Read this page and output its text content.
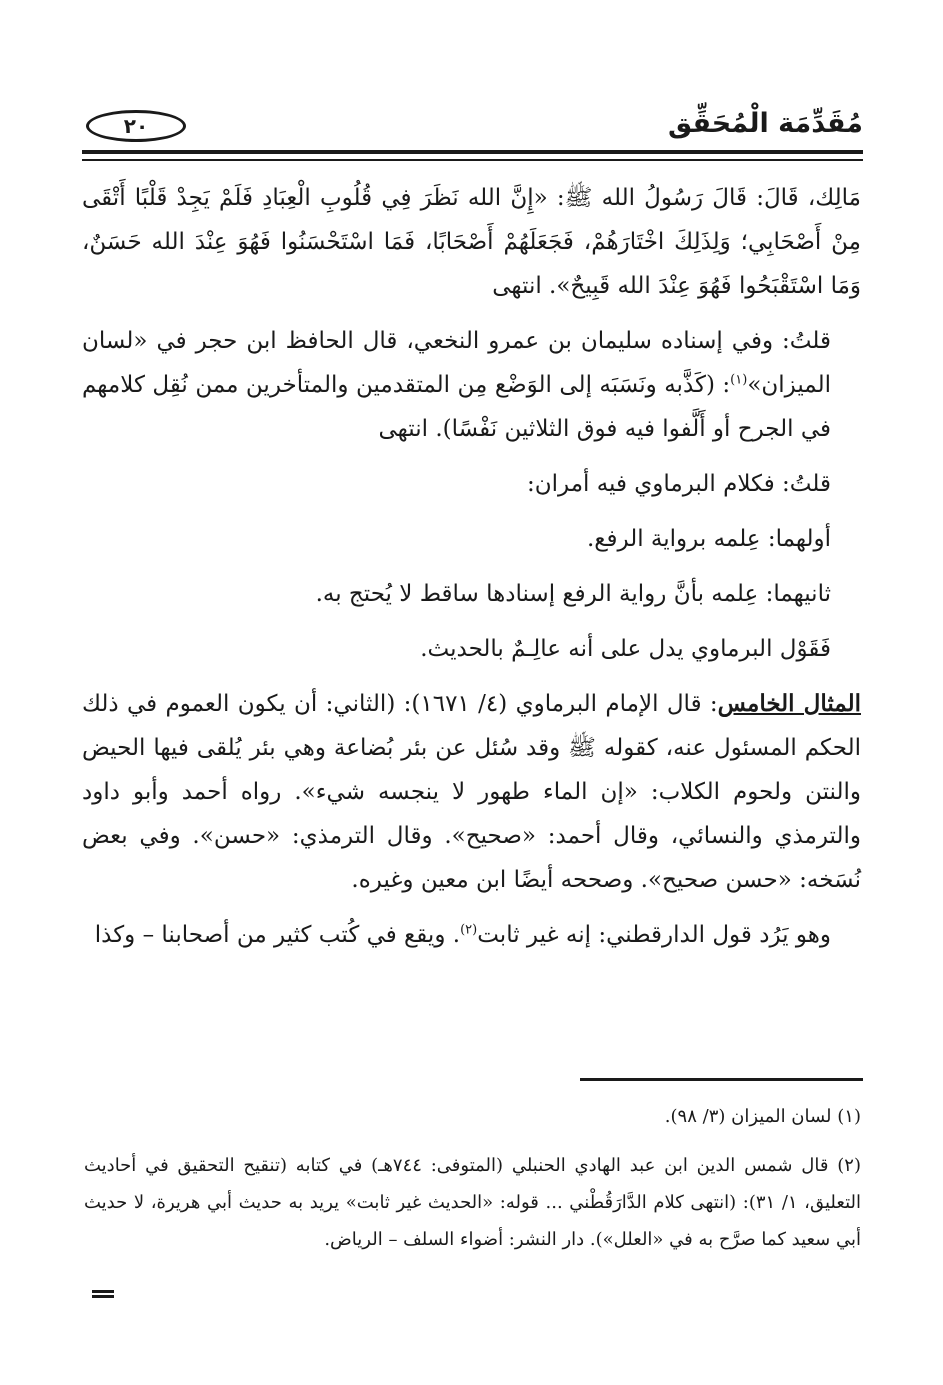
مُقَدِّمَة الْمُحَقِّق
٢٠

مَالِك، قَالَ: قَالَ رَسُولُ الله ﷺ: «إِنَّ الله نَظَرَ فِي قُلُوبِ الْعِبَادِ فَلَمْ يَجِدْ قَلْبًا أَتْقَى مِنْ أَصْحَابِي؛ وَلِذَلِكَ اخْتَارَهُمْ، فَجَعَلَهُمْ أَصْحَابًا، فَمَا اسْتَحْسَنُوا فَهُوَ عِنْدَ الله حَسَنٌ، وَمَا اسْتَقْبَحُوا فَهُوَ عِنْدَ الله قَبِيحٌ». انتهى

قلتُ: وفي إسناده سليمان بن عمرو النخعي، قال الحافظ ابن حجر في «لسان الميزان»$^{(١)}$: (كَذَّبه ونَسَبَه إلى الوَضْع مِن المتقدمين والمتأخرين ممن نُقِل كلامهم في الجرح أو أَلَّفوا فيه فوق الثلاثين نَفْسًا). انتهى

قلتُ: فكلام البرماوي فيه أمران:

أولهما: عِلمه برواية الرفع.

ثانيهما: عِلمه بأنَّ رواية الرفع إسنادها ساقط لا يُحتج به.

فَقَوْل البرماوي يدل على أنه عالِـمٌ بالحديث.

المثال الخامس: قال الإمام البرماوي (٤/ ١٦٧١): (الثاني: أن يكون العموم في ذلك الحكم المسئول عنه، كقوله ﷺ وقد سُئل عن بئر بُضاعة وهي بئر يُلقى فيها الحيض والنتن ولحوم الكلاب: «إن الماء طهور لا ينجسه شيء». رواه أحمد وأبو داود والترمذي والنسائي، وقال أحمد: «صحيح». وقال الترمذي: «حسن». وفي بعض نُسَخه: «حسن صحيح». وصححه أيضًا ابن معين وغيره.

وهو يَرُد قول الدارقطني: إنه غير ثابت$^{(٢)}$. ويقع في كُتب كثير من أصحابنا – وكذا

(١) لسان الميزان (٣/ ٩٨).

(٢) قال شمس الدين ابن عبد الهادي الحنبلي (المتوفى: ٧٤٤هـ) في كتابه (تنقيح التحقيق في أحاديث التعليق، ١/ ٣١): (انتهى كلام الدَّارَقُطْني ... قوله: «الحديث غير ثابت» يريد به حديث أبي هريرة، لا حديث أبي سعيد كما صرَّح به في «العلل»). دار النشر: أضواء السلف – الرياض.
